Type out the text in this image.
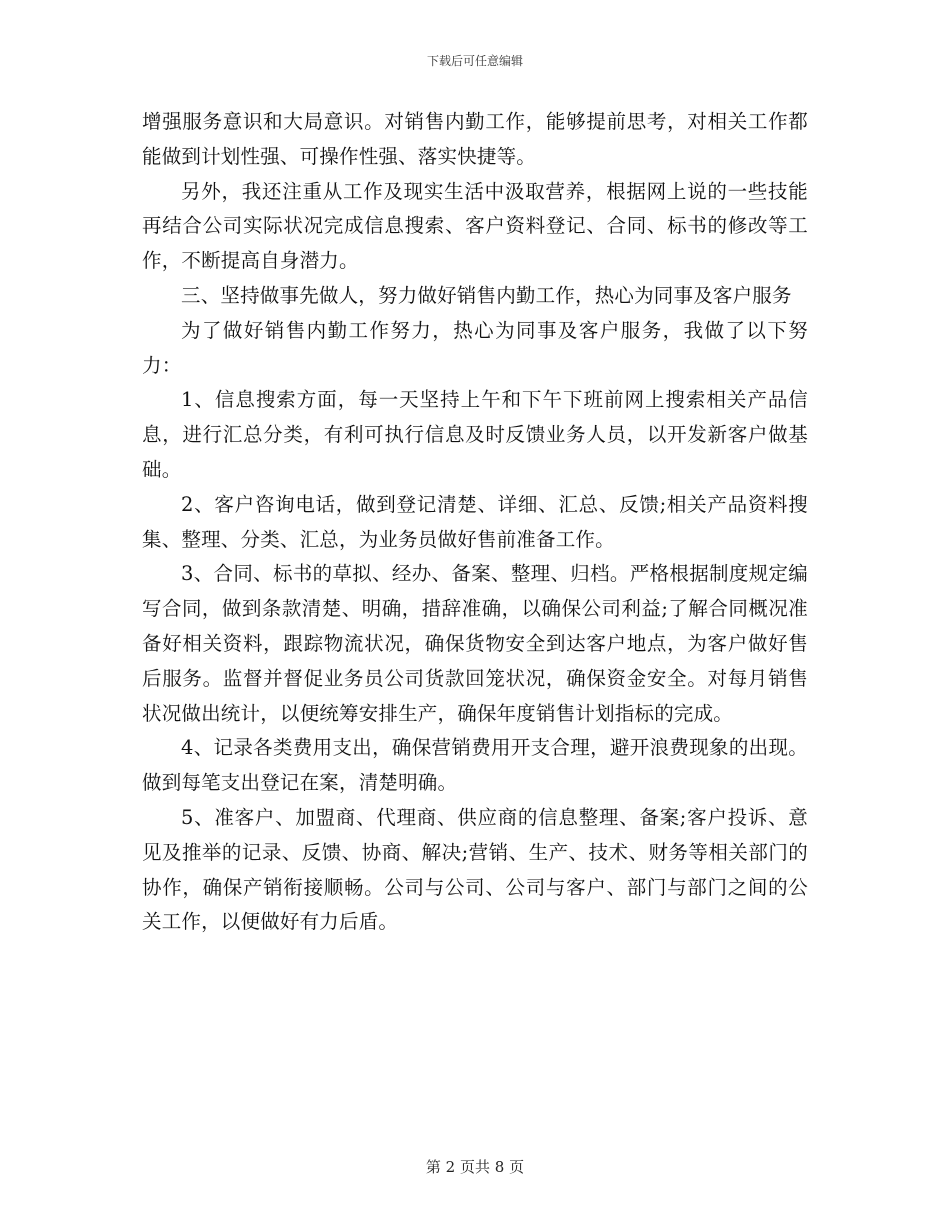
下载后可任意编辑

增强服务意识和大局意识。对销售内勤工作，能够提前思考，对相关工作都能做到计划性强、可操作性强、落实快捷等。

另外，我还注重从工作及现实生活中汲取营养，根据网上说的一些技能再结合公司实际状况完成信息搜索、客户资料登记、合同、标书的修改等工作，不断提高自身潜力。

三、坚持做事先做人，努力做好销售内勤工作，热心为同事及客户服务

为了做好销售内勤工作努力，热心为同事及客户服务，我做了以下努力：

1、信息搜索方面，每一天坚持上午和下午下班前网上搜索相关产品信息，进行汇总分类，有利可执行信息及时反馈业务人员，以开发新客户做基础。

2、客户咨询电话，做到登记清楚、详细、汇总、反馈;相关产品资料搜集、整理、分类、汇总，为业务员做好售前准备工作。

3、合同、标书的草拟、经办、备案、整理、归档。严格根据制度规定编写合同，做到条款清楚、明确，措辞准确，以确保公司利益;了解合同概况准备好相关资料，跟踪物流状况，确保货物安全到达客户地点，为客户做好售后服务。监督并督促业务员公司货款回笼状况，确保资金安全。对每月销售状况做出统计，以便统筹安排生产，确保年度销售计划指标的完成。

4、记录各类费用支出，确保营销费用开支合理，避开浪费现象的出现。做到每笔支出登记在案，清楚明确。

5、准客户、加盟商、代理商、供应商的信息整理、备案;客户投诉、意见及推举的记录、反馈、协商、解决;营销、生产、技术、财务等相关部门的协作，确保产销衔接顺畅。公司与公司、公司与客户、部门与部门之间的公关工作，以便做好有力后盾。

第 2 页共 8 页
